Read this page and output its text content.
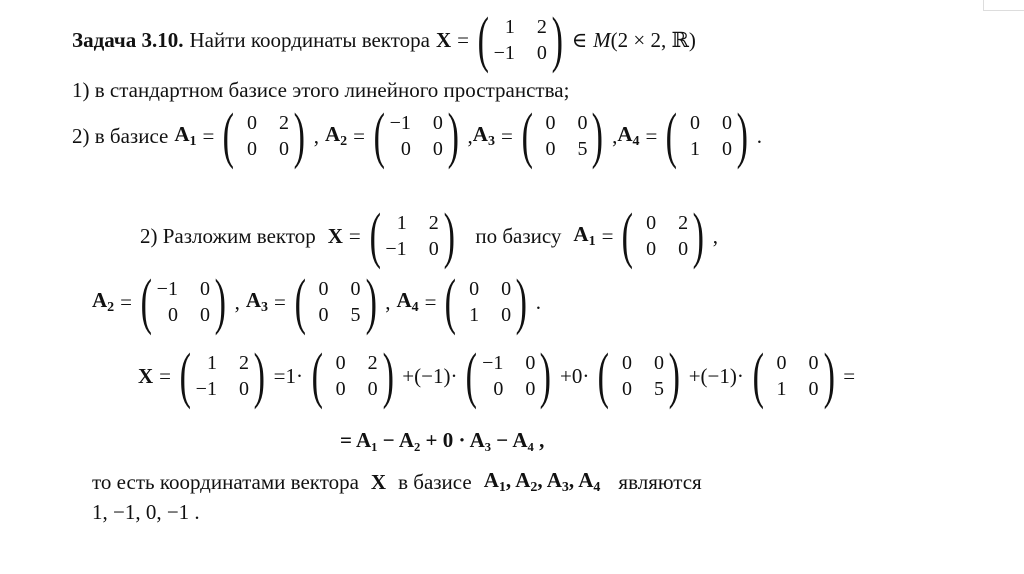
Задача 3.10. Найти координаты вектора X = ( 1	2
−1	0 ) ∈ M (2 × 2, ℝ)
1) в стандартном базисе этого линейного пространства;
2) в базисе $A_1$ = ( 0	2
0	0 ) , $A_2$ = ( −1	0
0	0 ) , $A_3$ = ( 0	0
0	5 ) , $A_4$ = ( 0	0
1	0 ) .
2) Разложим вектор X = ( 1	2
−1	0 ) по базису $A_1$ = ( 0	2
0	0 ) ,
$A_2$ = ( −1	0
0	0 ) , $A_3$ = ( 0	0
0	5 ) , $A_4$ = ( 0	0
1	0 ) .
X = ( 1	2
−1	0 ) = 1 · ( 0	2
0	0 ) + (−1) · ( −1	0
0	0 ) + 0 · ( 0	0
0	5 ) + (−1) · ( 0	0
1	0 ) =
= A₁ − A₂ + 0 · A₃ − A₄ ,
то есть координатами вектора X в базисе $A_1$, $A_2$, $A_3$, $A_4$ являются
1, −1, 0, −1 .
